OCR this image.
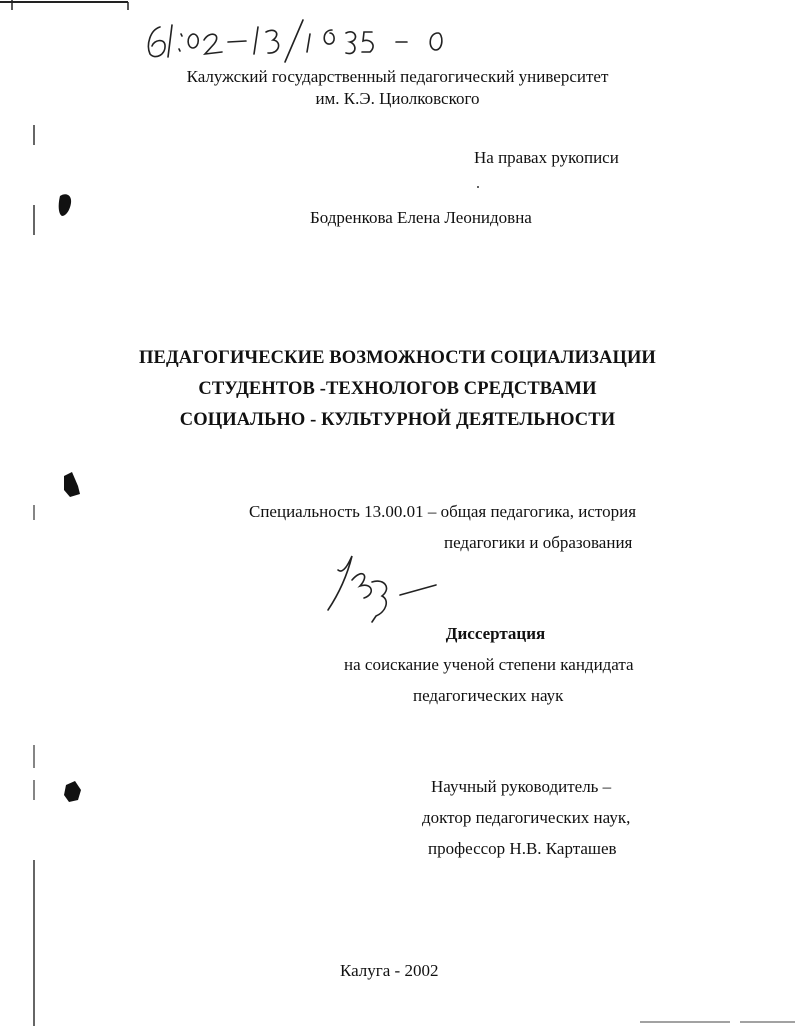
Калужский государственный педагогический университет
им. К.Э. Циолковского
На правах рукописи
Бодренкова Елена Леонидовна
ПЕДАГОГИЧЕСКИЕ ВОЗМОЖНОСТИ СОЦИАЛИЗАЦИИ
СТУДЕНТОВ -ТЕХНОЛОГОВ СРЕДСТВАМИ
СОЦИАЛЬНО - КУЛЬТУРНОЙ ДЕЯТЕЛЬНОСТИ
Специальность 13.00.01 – общая педагогика, история
педагогики и образования
Диссертация
на соискание ученой степени кандидата
педагогических наук
Научный руководитель –
доктор педагогических наук,
профессор Н.В. Карташев
Калуга - 2002
